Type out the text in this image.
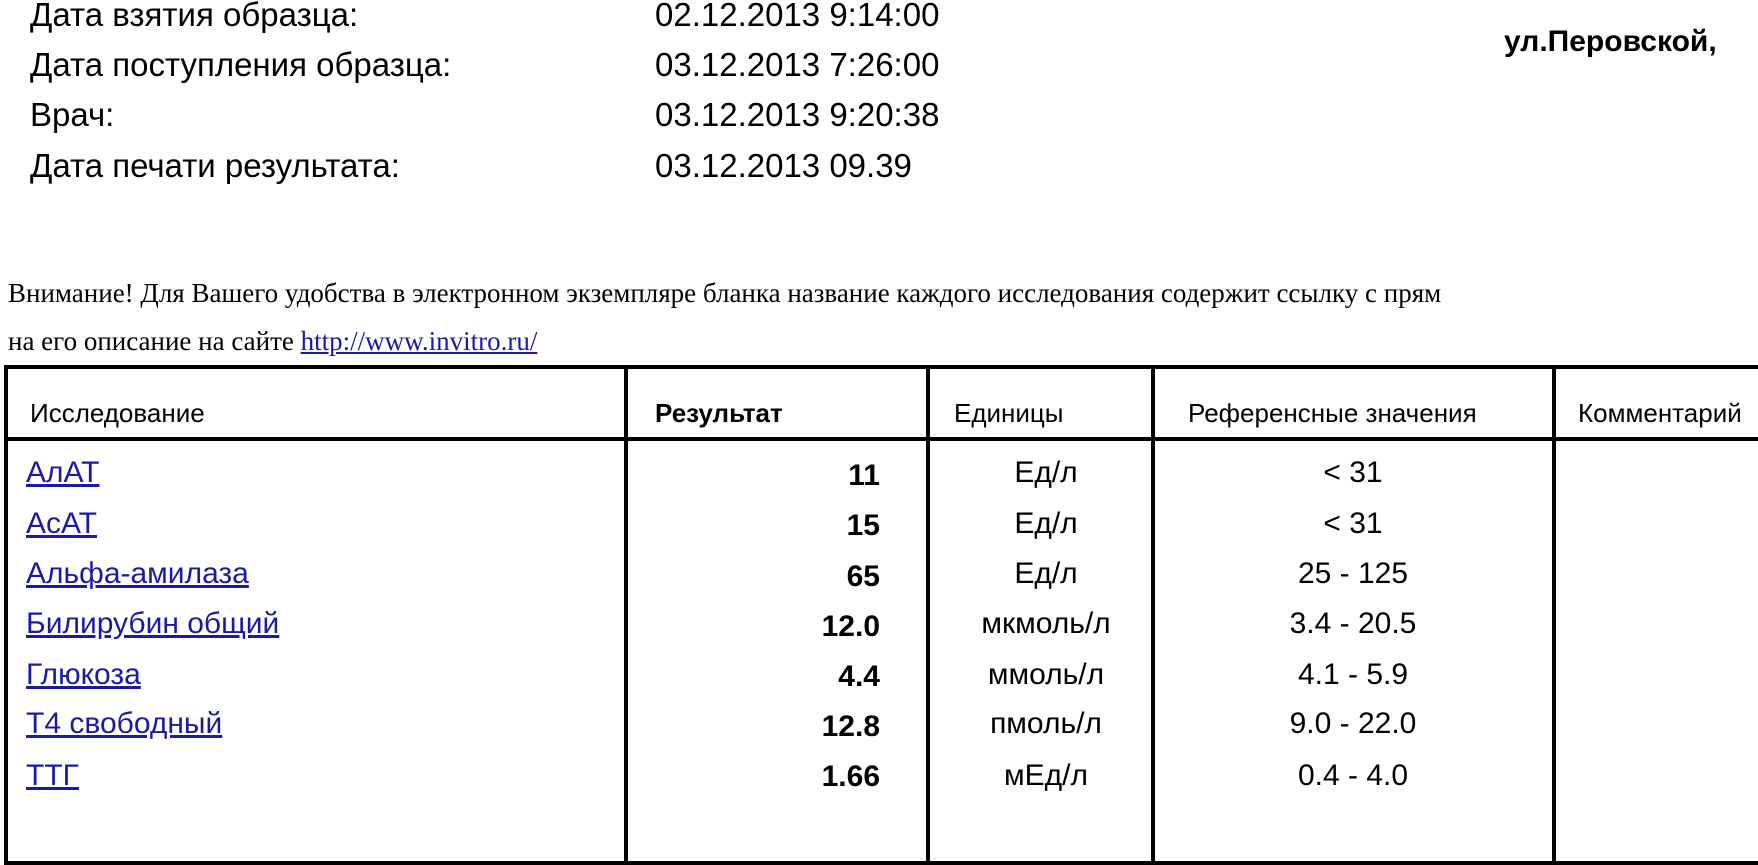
Дата взятия образца:	02.12.2013 9:14:00
Дата поступления образца:	03.12.2013 7:26:00
Врач:	03.12.2013 9:20:38
Дата печати результата:	03.12.2013 09.39
ул.Перовской,
Внимание! Для Вашего удобства в электронном экземпляре бланка название каждого исследования содержит ссылку с прям
на его описание на сайте http://www.invitro.ru/
Исследование	Результат	Единицы	Референсные значения	Комментарий
АлАТ	11	Ед/л	< 31
АсАТ	15	Ед/л	< 31
Альфа-амилаза	65	Ед/л	25 - 125
Билирубин общий	12.0	мкмоль/л	3.4 - 20.5
Глюкоза	4.4	ммоль/л	4.1 - 5.9
Т4 свободный	12.8	пмоль/л	9.0 - 22.0
ТТГ	1.66	мЕд/л	0.4 - 4.0
